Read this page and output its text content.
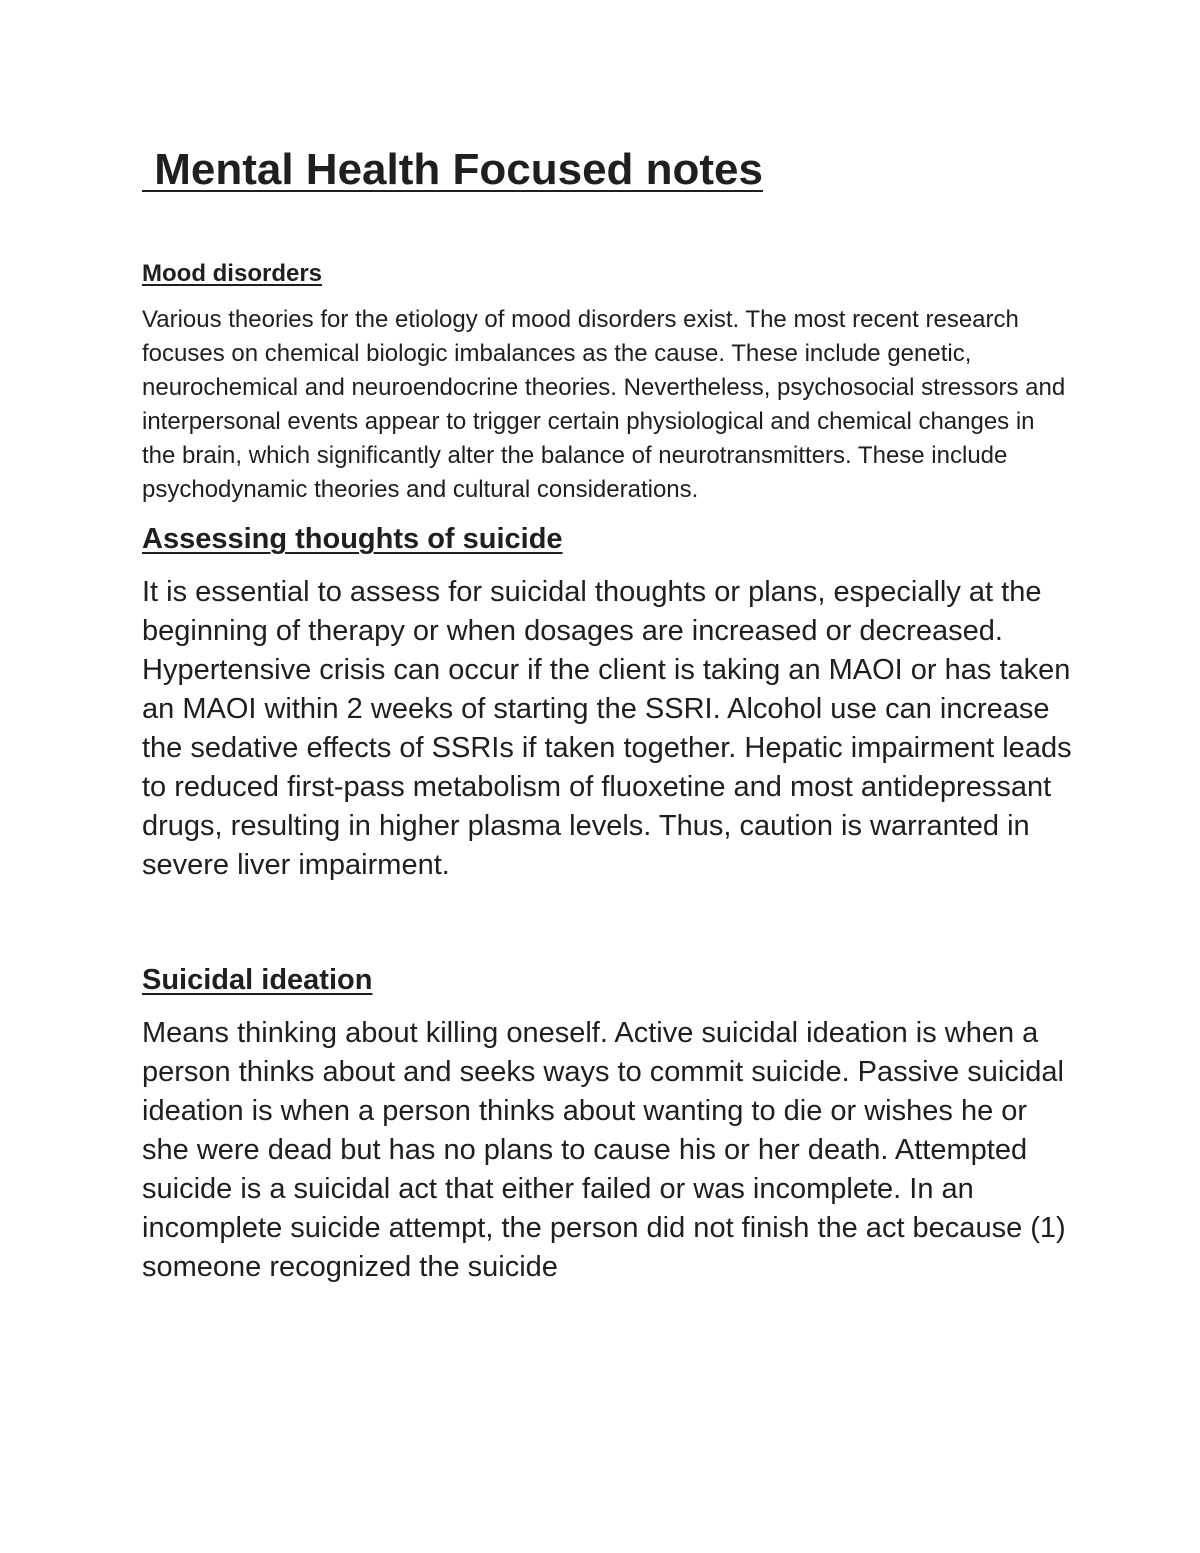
Mental Health Focused notes
Mood disorders

Various theories for the etiology of mood disorders exist. The most recent research focuses on chemical biologic imbalances as the cause. These include genetic, neurochemical and neuroendocrine theories. Nevertheless, psychosocial stressors and interpersonal events appear to trigger certain physiological and chemical changes in the brain, which significantly alter the balance of neurotransmitters. These include psychodynamic theories and cultural considerations.

Assessing thoughts of suicide

It is essential to assess for suicidal thoughts or plans, especially at the beginning of therapy or when dosages are increased or decreased. Hypertensive crisis can occur if the client is taking an MAOI or has taken an MAOI within 2 weeks of starting the SSRI. Alcohol use can increase the sedative effects of SSRIs if taken together. Hepatic impairment leads to reduced first-pass metabolism of fluoxetine and most antidepressant drugs, resulting in higher plasma levels. Thus, caution is warranted in severe liver impairment.

Suicidal ideation

Means thinking about killing oneself. Active suicidal ideation is when a person thinks about and seeks ways to commit suicide. Passive suicidal ideation is when a person thinks about wanting to die or wishes he or she were dead but has no plans to cause his or her death. Attempted suicide is a suicidal act that either failed or was incomplete. In an incomplete suicide attempt, the person did not finish the act because (1) someone recognized the suicide
